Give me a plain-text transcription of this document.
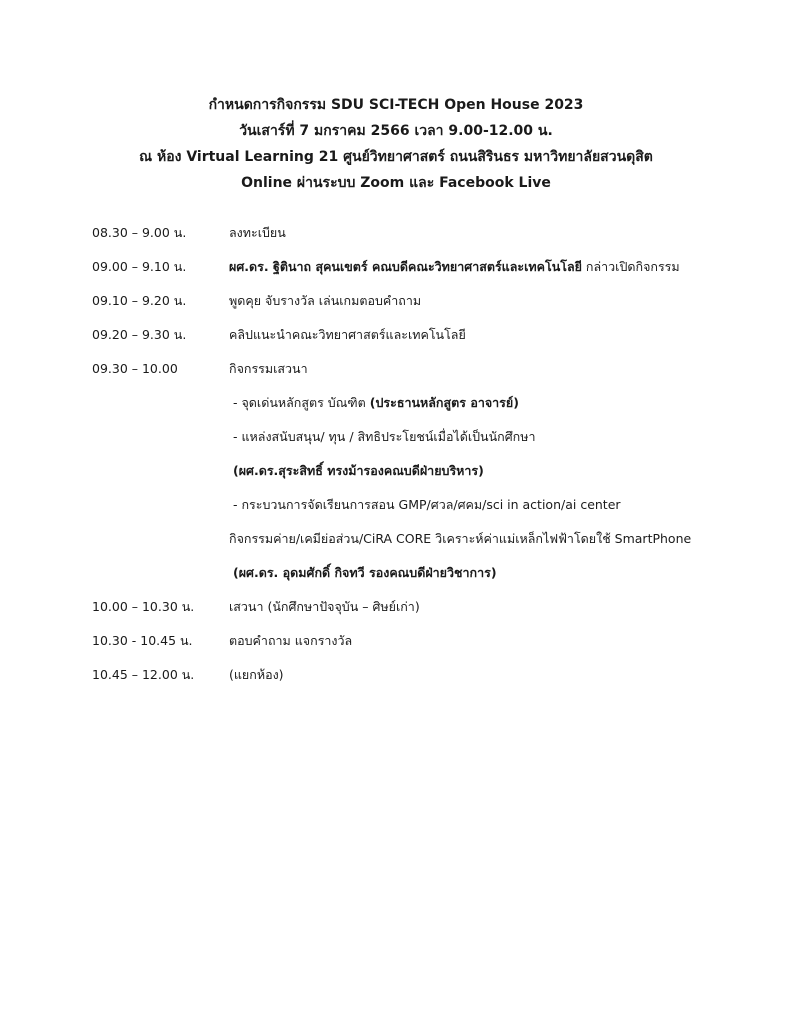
กำหนดการกิจกรรม SDU SCI-TECH Open House 2023
วันเสาร์ที่ 7 มกราคม 2566 เวลา 9.00-12.00 น.
ณ ห้อง Virtual Learning 21 ศูนย์วิทยาศาสตร์ ถนนสิรินธร มหาวิทยาลัยสวนดุสิต
Online ผ่านระบบ Zoom และ Facebook Live
08.30 – 9.00 น.	ลงทะเบียน
09.00 – 9.10 น.	ผศ.ดร. ฐิตินาถ สุคนเขตร์ คณบดีคณะวิทยาศาสตร์และเทคโนโลยี กล่าวเปิดกิจกรรม
09.10 – 9.20 น.	พูดคุย จับรางวัล เล่นเกมตอบคำถาม
09.20 – 9.30 น.	คลิปแนะนำคณะวิทยาศาสตร์และเทคโนโลยี
09.30 – 10.00	กิจกรรมเสวนา
- จุดเด่นหลักสูตร บัณฑิต (ประธานหลักสูตร อาจารย์)
- แหล่งสนับสนุน/ ทุน / สิทธิประโยชน์เมื่อได้เป็นนักศึกษา
(ผศ.ดร.สุระสิทธิ์ ทรงม้ารองคณบดีฝ่ายบริหาร)
- กระบวนการจัดเรียนการสอน GMP/ศวล/ศคม/sci in action/ai center
กิจกรรมค่าย/เคมีย่อส่วน/CiRA CORE วิเคราะห์ค่าแม่เหล็กไฟฟ้าโดยใช้ SmartPhone
(ผศ.ดร. อุดมศักดิ์ กิจทวี รองคณบดีฝ่ายวิชาการ)
10.00 – 10.30 น.	เสวนา (นักศึกษาปัจจุบัน – ศิษย์เก่า)
10.30 - 10.45 น.	ตอบคำถาม แจกรางวัล
10.45 – 12.00 น.	(แยกห้อง)
